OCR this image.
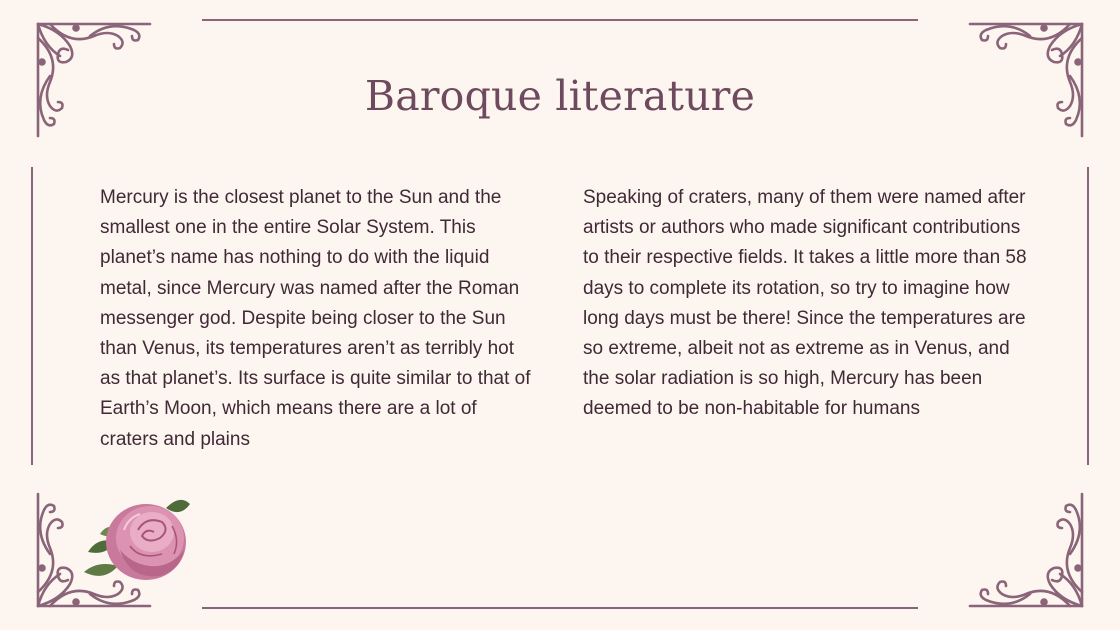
Baroque literature

Mercury is the closest planet to the Sun and the smallest one in the entire Solar System. This planet’s name has nothing to do with the liquid metal, since Mercury was named after the Roman messenger god. Despite being closer to the Sun than Venus, its temperatures aren’t as terribly hot as that planet’s. Its surface is quite similar to that of Earth’s Moon, which means there are a lot of craters and plains

Speaking of craters, many of them were named after artists or authors who made significant contributions to their respective fields. It takes a little more than 58 days to complete its rotation, so try to imagine how long days must be there! Since the temperatures are so extreme, albeit not as extreme as in Venus, and the solar radiation is so high, Mercury has been deemed to be non-habitable for humans
